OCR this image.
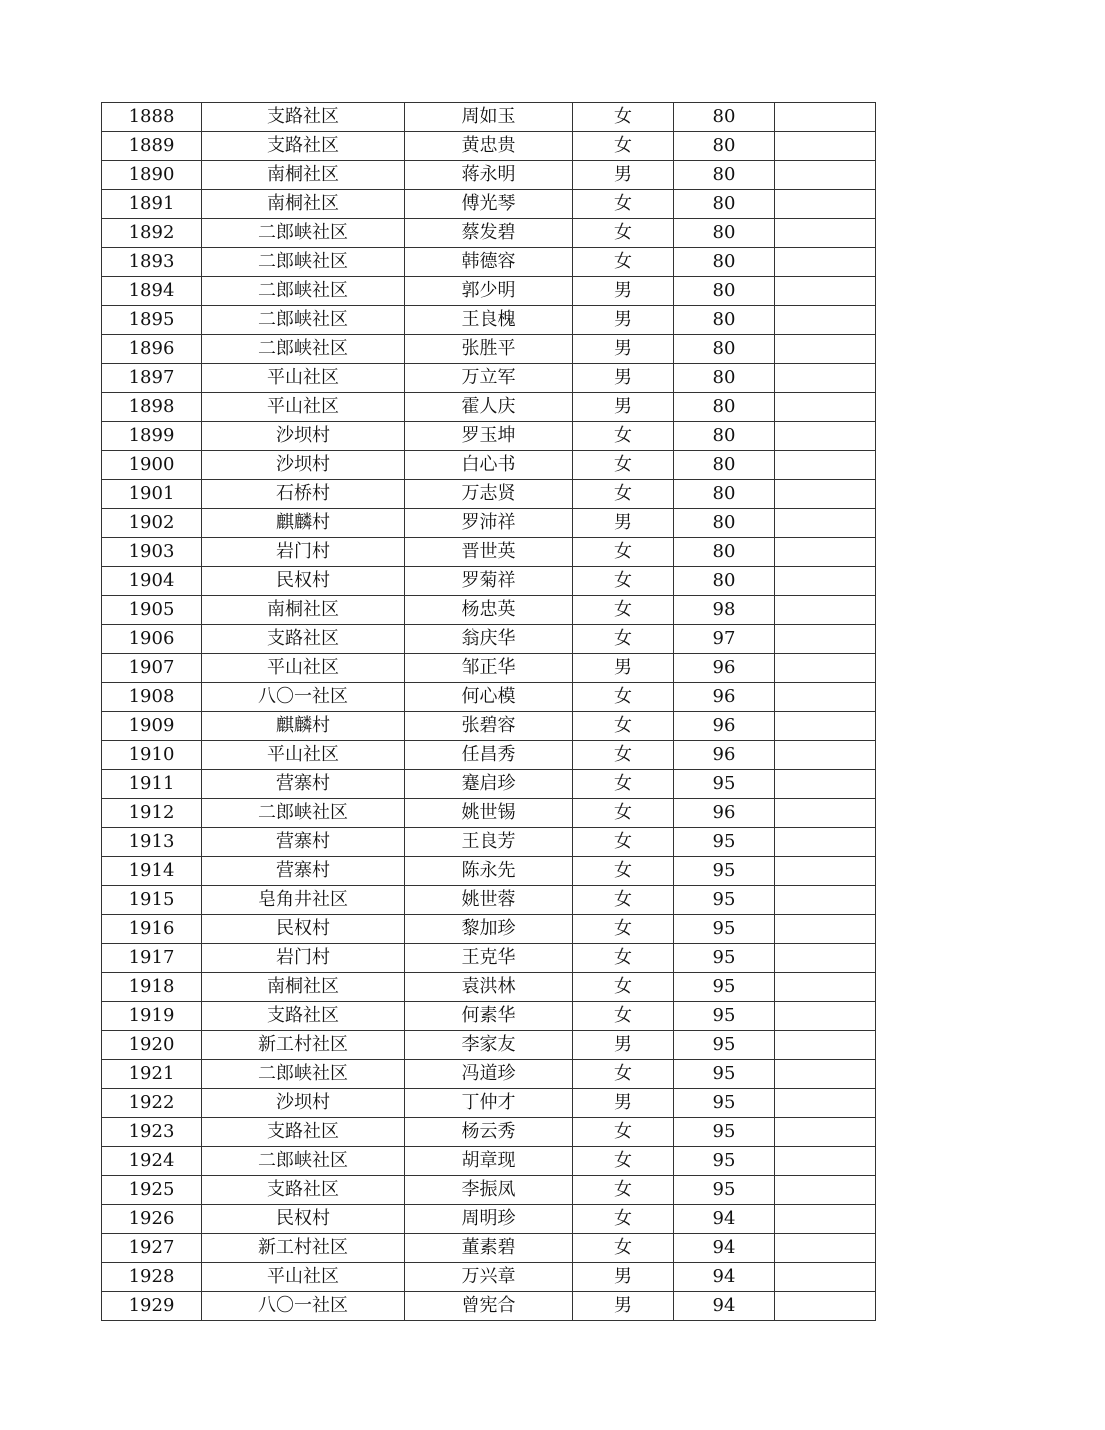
1888	支路社区	周如玉	女	80	
1889	支路社区	黄忠贵	女	80	
1890	南桐社区	蒋永明	男	80	
1891	南桐社区	傅光琴	女	80	
1892	二郎峡社区	蔡发碧	女	80	
1893	二郎峡社区	韩德容	女	80	
1894	二郎峡社区	郭少明	男	80	
1895	二郎峡社区	王良槐	男	80	
1896	二郎峡社区	张胜平	男	80	
1897	平山社区	万立军	男	80	
1898	平山社区	霍人庆	男	80	
1899	沙坝村	罗玉坤	女	80	
1900	沙坝村	白心书	女	80	
1901	石桥村	万志贤	女	80	
1902	麒麟村	罗沛祥	男	80	
1903	岩门村	晋世英	女	80	
1904	民权村	罗菊祥	女	80	
1905	南桐社区	杨忠英	女	98	
1906	支路社区	翁庆华	女	97	
1907	平山社区	邹正华	男	96	
1908	八〇一社区	何心模	女	96	
1909	麒麟村	张碧容	女	96	
1910	平山社区	任昌秀	女	96	
1911	营寨村	蹇启珍	女	95	
1912	二郎峡社区	姚世锡	女	96	
1913	营寨村	王良芳	女	95	
1914	营寨村	陈永先	女	95	
1915	皂角井社区	姚世蓉	女	95	
1916	民权村	黎加珍	女	95	
1917	岩门村	王克华	女	95	
1918	南桐社区	袁洪林	女	95	
1919	支路社区	何素华	女	95	
1920	新工村社区	李家友	男	95	
1921	二郎峡社区	冯道珍	女	95	
1922	沙坝村	丁仲才	男	95	
1923	支路社区	杨云秀	女	95	
1924	二郎峡社区	胡章现	女	95	
1925	支路社区	李振凤	女	95	
1926	民权村	周明珍	女	94	
1927	新工村社区	董素碧	女	94	
1928	平山社区	万兴章	男	94	
1929	八〇一社区	曾宪合	男	94	
